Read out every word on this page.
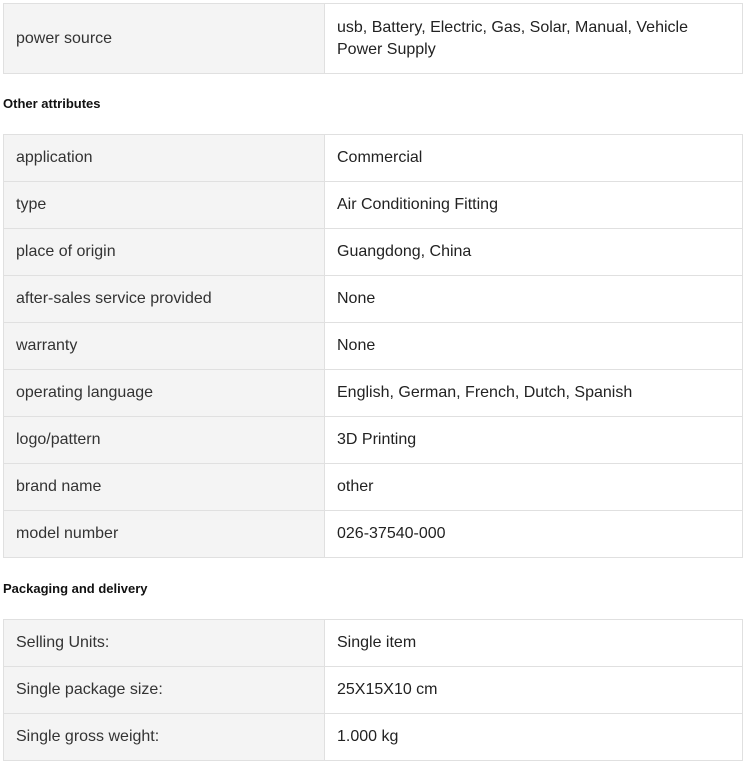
power source	usb, Battery, Electric, Gas, Solar, Manual, Vehicle Power Supply
Other attributes
application	Commercial
type	Air Conditioning Fitting
place of origin	Guangdong, China
after-sales service provided	None
warranty	None
operating language	English, German, French, Dutch, Spanish
logo/pattern	3D Printing
brand name	other
model number	026-37540-000
Packaging and delivery
Selling Units:	Single item
Single package size:	25X15X10 cm
Single gross weight:	1.000 kg
